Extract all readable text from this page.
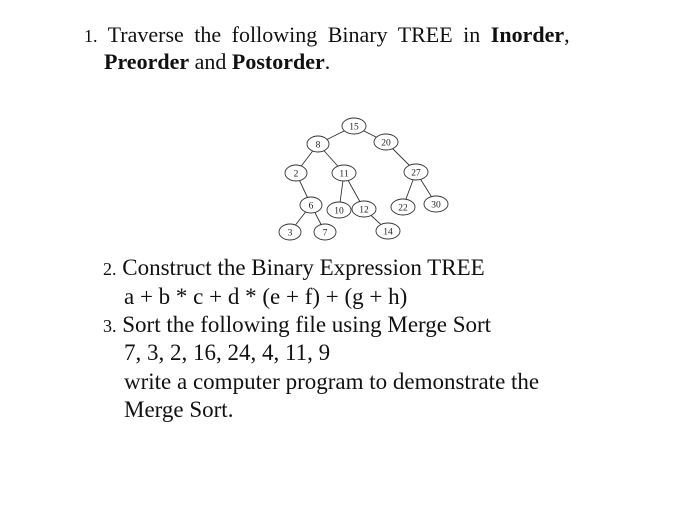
1. Traverse the following Binary TREE in Inorder,
Preorder and Postorder.
15
8	20
2	11	27
6 10 12	22 30
3	7	14
2. Construct the Binary Expression TREE
a + b * c + d * (e + f) + (g + h)
3. Sort the following file using Merge Sort
7, 3, 2, 16, 24, 4, 11, 9
write a computer program to demonstrate the
Merge Sort.
